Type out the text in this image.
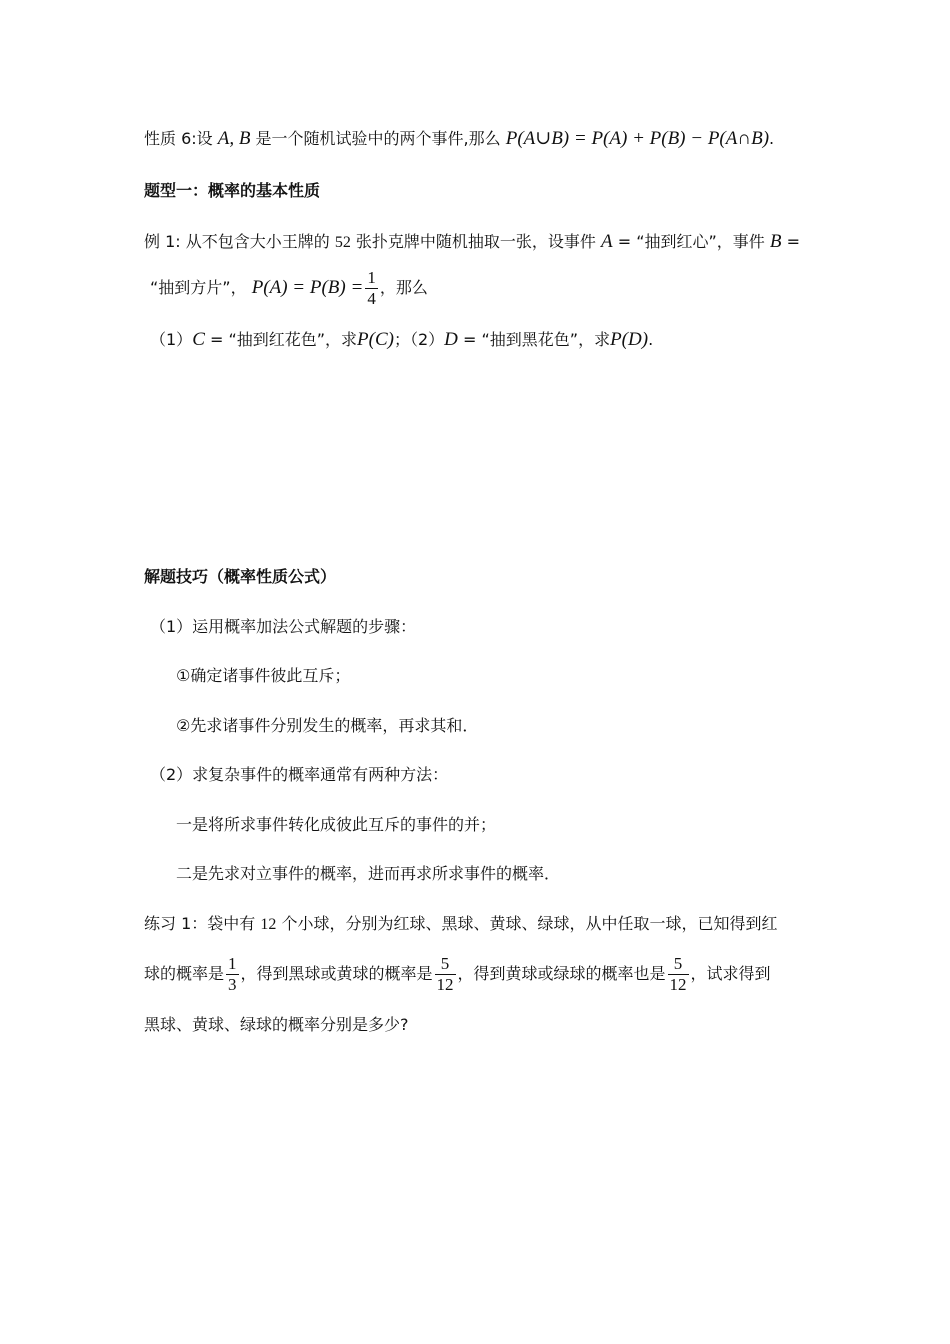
性质 6:设 A, B 是一个随机试验中的两个事件,那么 P(A∪B) = P(A) + P(B) − P(A∩B).
题型一：概率的基本性质
例 1: 从不包含大小王牌的 52 张扑克牌中随机抽取一张，设事件 A = “抽到红心”，事件 B =
“抽到方片”， $P(A) = P(B) = \frac{1}{4}$ ，那么
（1）C = “抽到红花色”，求P(C)；（2）D = “抽到黑花色”，求P(D).
解题技巧（概率性质公式）
（1）运用概率加法公式解题的步骤：
①确定诸事件彼此互斥；
②先求诸事件分别发生的概率，再求其和．
（2）求复杂事件的概率通常有两种方法：
一是将所求事件转化成彼此互斥的事件的并；
二是先求对立事件的概率，进而再求所求事件的概率．
练习 1：袋中有 12 个小球，分别为红球、黑球、黄球、绿球，从中任取一球，已知得到红
球的概率是 $\frac{1}{3}$ ，得到黑球或黄球的概率是 $\frac{5}{12}$ ，得到黄球或绿球的概率也是 $\frac{5}{12}$ ，试求得到
黑球、黄球、绿球的概率分别是多少?
